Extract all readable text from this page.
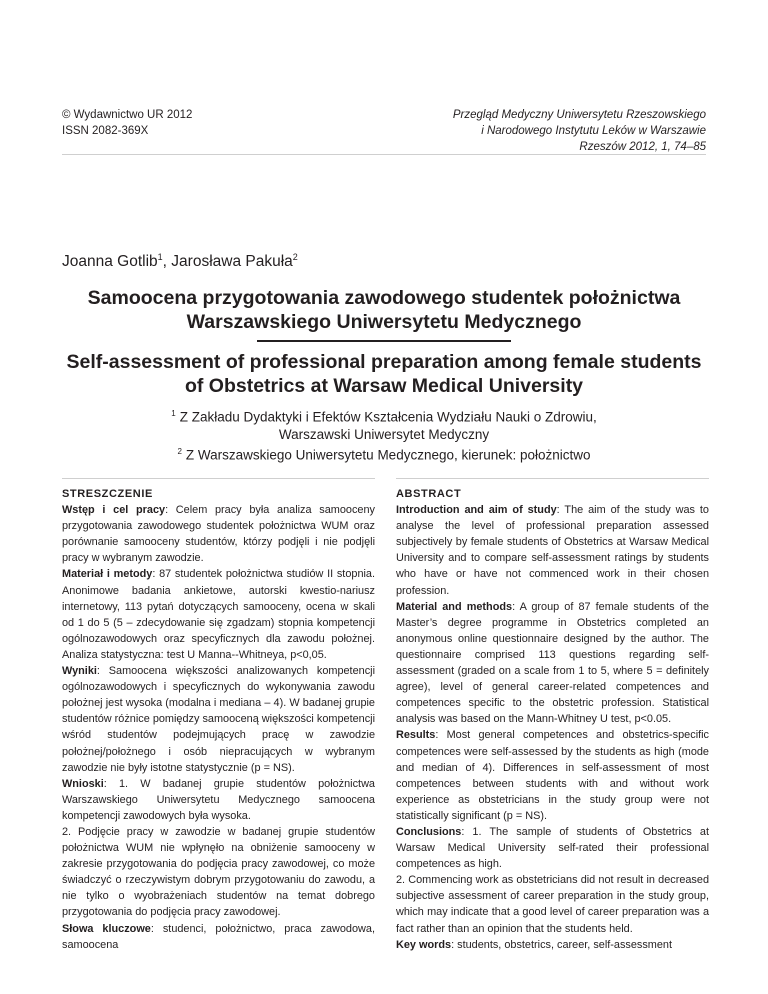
© Wydawnictwo UR 2012
ISSN 2082-369X
Przegląd Medyczny Uniwersytetu Rzeszowskiego
i Narodowego Instytutu Leków w Warszawie
Rzeszów 2012, 1, 74–85
Joanna Gotlib$^1$, Jarosława Pakuła$^2$
Samoocena przygotowania zawodowego studentek położnictwa
Warszawskiego Uniwersytetu Medycznego
Self-assessment of professional preparation among female students
of Obstetrics at Warsaw Medical University
$^1$ Z Zakładu Dydaktyki i Efektów Kształcenia Wydziału Nauki o Zdrowiu,
Warszawski Uniwersytet Medyczny
$^2$ Z Warszawskiego Uniwersytetu Medycznego, kierunek: położnictwo
STRESZCZENIE

Wstęp i cel pracy: Celem pracy była analiza samooceny przygotowania zawodowego studentek położnictwa WUM oraz porównanie samooceny studentów, którzy podjęli i nie podjęli pracy w wybranym zawodzie.

Materiał i metody: 87 studentek położnictwa studiów II stopnia. Anonimowe badania ankietowe, autorski kwestio-nariusz internetowy, 113 pytań dotyczących samooceny, ocena w skali od 1 do 5 (5 – zdecydowanie się zgadzam) stopnia kompetencji ogólnozawodowych oraz specyficznych dla zawodu położnej. Analiza statystyczna: test U Manna--Whitneya, p<0,05.

Wyniki: Samoocena większości analizowanych kompetencji ogólnozawodowych i specyficznych do wykonywania zawodu położnej jest wysoka (modalna i mediana – 4). W badanej grupie studentów różnice pomiędzy samooceną większości kompetencji wśród studentów podejmujących pracę w zawodzie położnej/położnego i osób niepracujących w wybranym zawodzie nie były istotne statystycznie (p = NS).

Wnioski: 1. W badanej grupie studentów położnictwa Warszawskiego Uniwersytetu Medycznego samoocena kompetencji zawodowych była wysoka.

2. Podjęcie pracy w zawodzie w badanej grupie studentów położnictwa WUM nie wpłynęło na obniżenie samooceny w zakresie przygotowania do podjęcia pracy zawodowej, co może świadczyć o rzeczywistym dobrym przygotowaniu do zawodu, a nie tylko o wyobrażeniach studentów na temat dobrego przygotowania do podjęcia pracy zawodowej.

Słowa kluczowe: studenci, położnictwo, praca zawodowa, samoocena

ABSTRACT

Introduction and aim of study: The aim of the study was to analyse the level of professional preparation assessed subjectively by female students of Obstetrics at Warsaw Medical University and to compare self-assessment ratings by students who have or have not commenced work in their chosen profession.

Material and methods: A group of 87 female students of the Master’s degree programme in Obstetrics completed an anonymous online questionnaire designed by the author. The questionnaire comprised 113 questions regarding self-assessment (graded on a scale from 1 to 5, where 5 = definitely agree), level of general career-related competences and competences specific to the obstetric profession. Statistical analysis was based on the Mann-Whitney U test, p<0.05.

Results: Most general competences and obstetrics-specific competences were self-assessed by the students as high (mode and median of 4). Differences in self-assessment of most competences between students with and without work experience as obstetricians in the study group were not statistically significant (p = NS).

Conclusions: 1. The sample of students of Obstetrics at Warsaw Medical University self-rated their professional competences as high.

2. Commencing work as obstetricians did not result in decreased subjective assessment of career preparation in the study group, which may indicate that a good level of career preparation was a fact rather than an opinion that the students held.

Key words: students, obstetrics, career, self-assessment
